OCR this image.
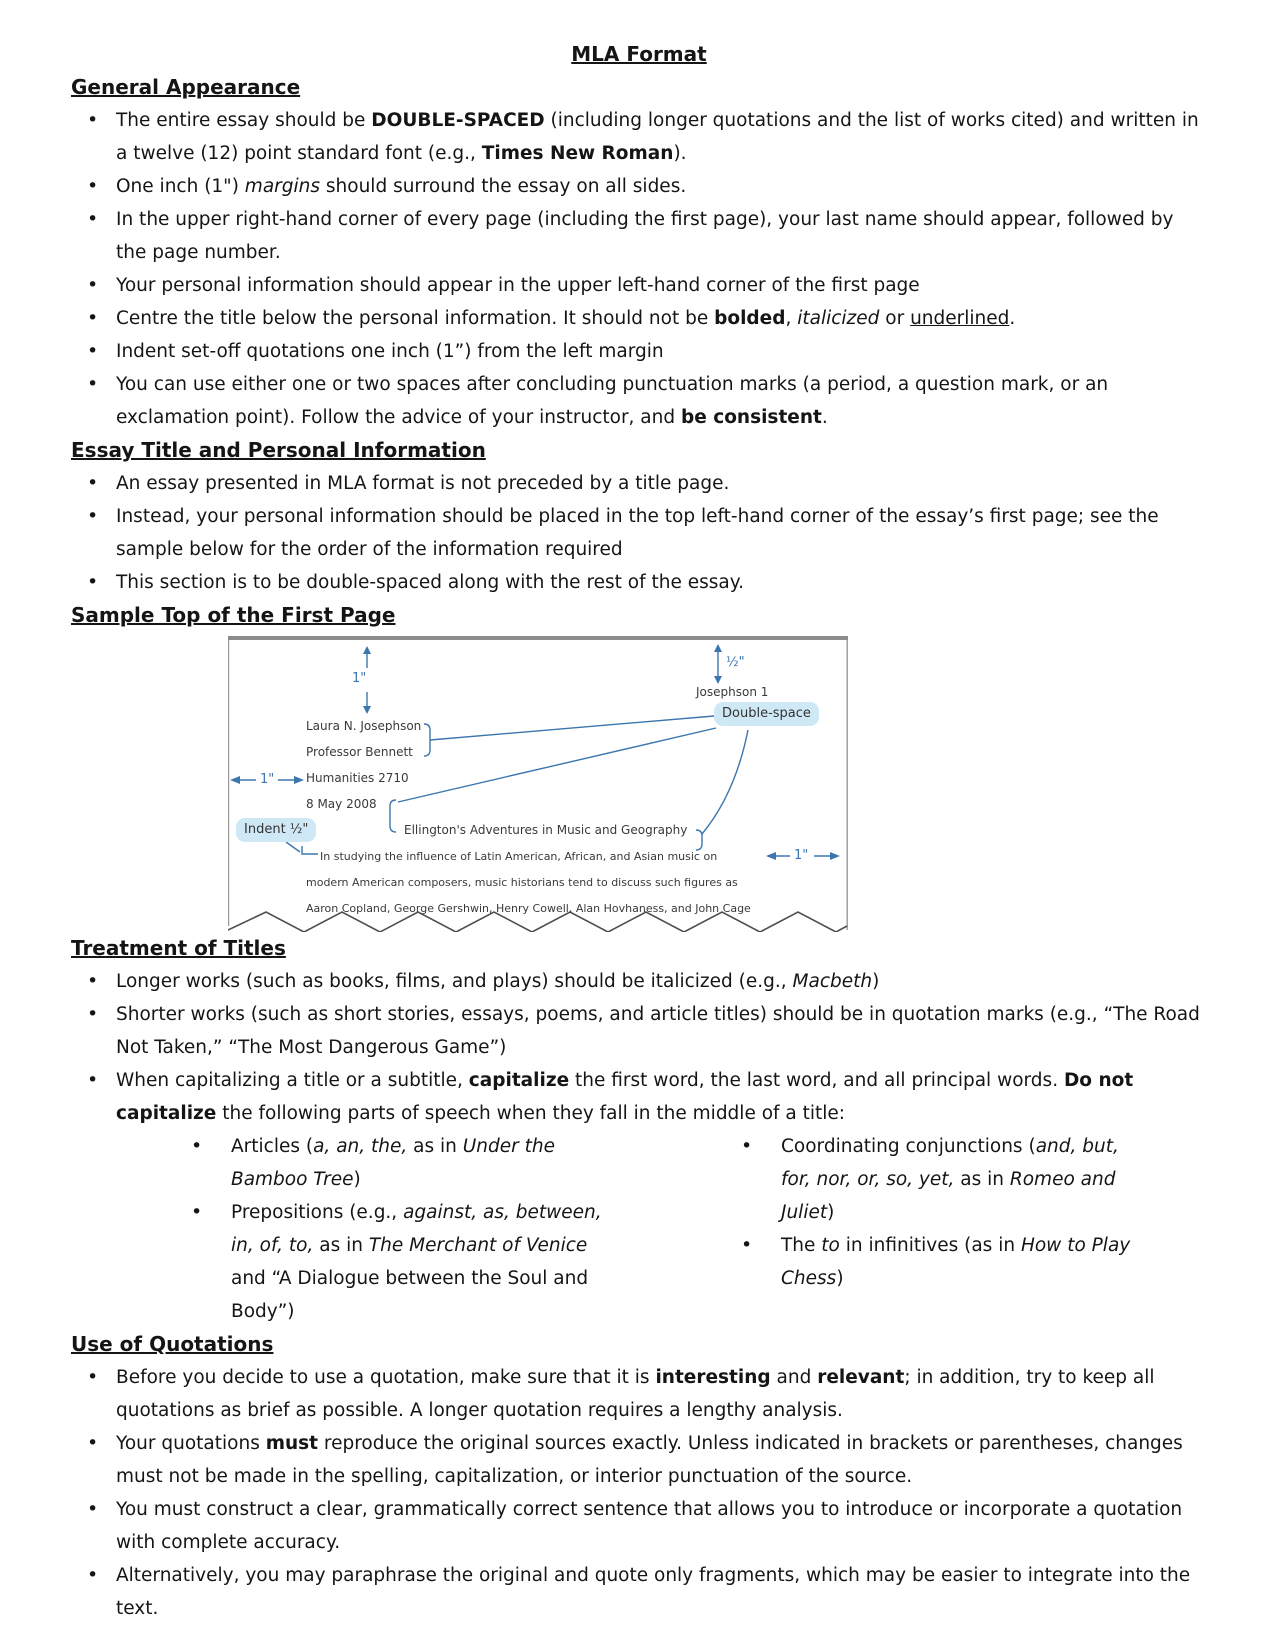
MLA Format
General Appearance
• The entire essay should be DOUBLE-SPACED (including longer quotations and the list of works cited) and written in a twelve (12) point standard font (e.g., Times New Roman).
• One inch (1") margins should surround the essay on all sides.
• In the upper right-hand corner of every page (including the first page), your last name should appear, followed by the page number.
• Your personal information should appear in the upper left-hand corner of the first page
• Centre the title below the personal information. It should not be bolded, italicized or underlined.
• Indent set-off quotations one inch (1”) from the left margin
• You can use either one or two spaces after concluding punctuation marks (a period, a question mark, or an exclamation point). Follow the advice of your instructor, and be consistent.
Essay Title and Personal Information
• An essay presented in MLA format is not preceded by a title page.
• Instead, your personal information should be placed in the top left-hand corner of the essay’s first page; see the sample below for the order of the information required
• This section is to be double-spaced along with the rest of the essay.
Sample Top of the First Page
1"
½"
1"
1"
Josephson 1
Double-space
Indent ½"
Laura N. Josephson
Professor Bennett
Humanities 2710
8 May 2008
Ellington's Adventures in Music and Geography
In studying the influence of Latin American, African, and Asian music on
modern American composers, music historians tend to discuss such figures as
Aaron Copland, George Gershwin, Henry Cowell, Alan Hovhaness, and John Cage
Treatment of Titles
• Longer works (such as books, films, and plays) should be italicized (e.g., Macbeth)
• Shorter works (such as short stories, essays, poems, and article titles) should be in quotation marks (e.g., “The Road Not Taken,” “The Most Dangerous Game”)
• When capitalizing a title or a subtitle, capitalize the first word, the last word, and all principal words. Do not capitalize the following parts of speech when they fall in the middle of a title:
• Articles (a, an, the, as in Under the Bamboo Tree)
• Prepositions (e.g., against, as, between, in, of, to, as in The Merchant of Venice and “A Dialogue between the Soul and Body”)
• Coordinating conjunctions (and, but, for, nor, or, so, yet, as in Romeo and Juliet)
• The to in infinitives (as in How to Play Chess)
Use of Quotations
• Before you decide to use a quotation, make sure that it is interesting and relevant; in addition, try to keep all quotations as brief as possible. A longer quotation requires a lengthy analysis.
• Your quotations must reproduce the original sources exactly. Unless indicated in brackets or parentheses, changes must not be made in the spelling, capitalization, or interior punctuation of the source.
• You must construct a clear, grammatically correct sentence that allows you to introduce or incorporate a quotation with complete accuracy.
• Alternatively, you may paraphrase the original and quote only fragments, which may be easier to integrate into the text.
